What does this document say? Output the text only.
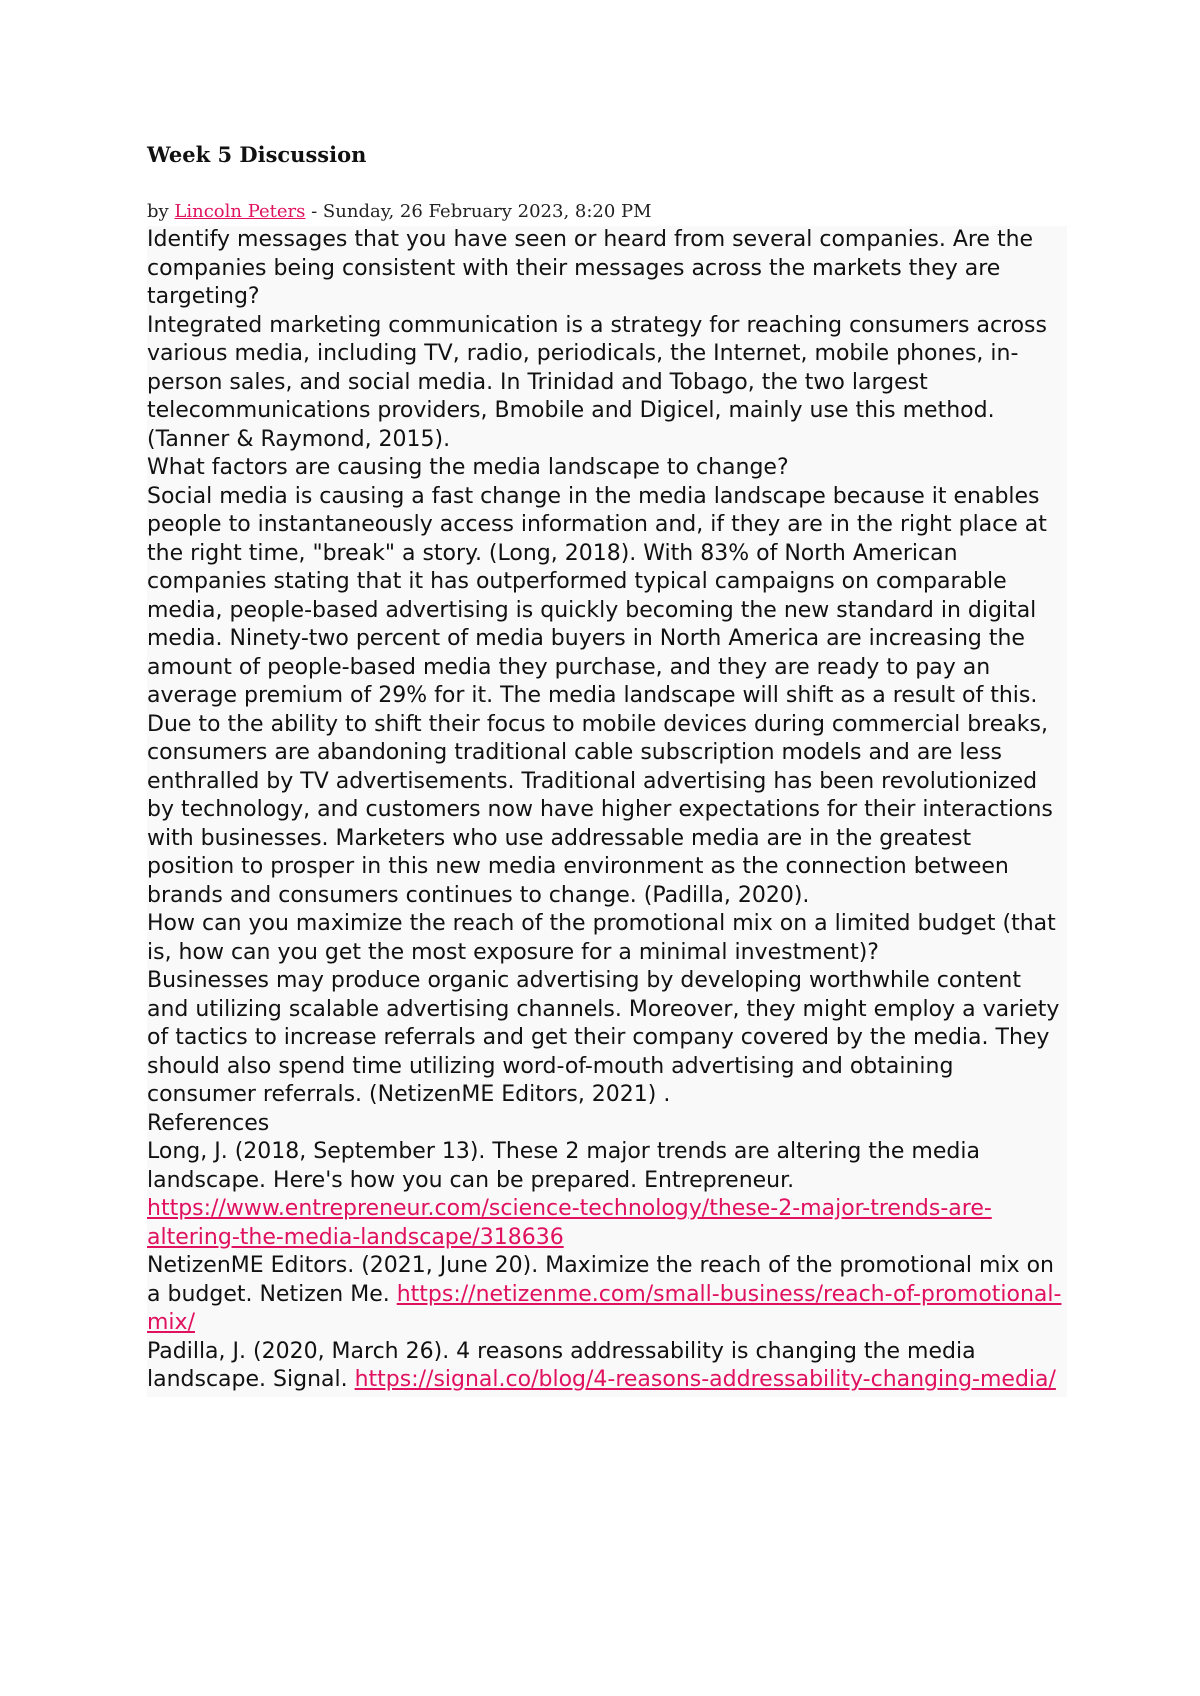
Week 5 Discussion

by Lincoln Peters - Sunday, 26 February 2023, 8:20 PM

Identify messages that you have seen or heard from several companies. Are the companies being consistent with their messages across the markets they are targeting?

Integrated marketing communication is a strategy for reaching consumers across various media, including TV, radio, periodicals, the Internet, mobile phones, in-person sales, and social media. In Trinidad and Tobago, the two largest telecommunications providers, Bmobile and Digicel, mainly use this method. (Tanner & Raymond, 2015).

What factors are causing the media landscape to change?

Social media is causing a fast change in the media landscape because it enables people to instantaneously access information and, if they are in the right place at the right time, "break" a story. (Long, 2018). With 83% of North American companies stating that it has outperformed typical campaigns on comparable media, people-based advertising is quickly becoming the new standard in digital media. Ninety-two percent of media buyers in North America are increasing the amount of people-based media they purchase, and they are ready to pay an average premium of 29% for it. The media landscape will shift as a result of this. Due to the ability to shift their focus to mobile devices during commercial breaks, consumers are abandoning traditional cable subscription models and are less enthralled by TV advertisements. Traditional advertising has been revolutionized by technology, and customers now have higher expectations for their interactions with businesses. Marketers who use addressable media are in the greatest position to prosper in this new media environment as the connection between brands and consumers continues to change. (Padilla, 2020).

How can you maximize the reach of the promotional mix on a limited budget (that is, how can you get the most exposure for a minimal investment)?

Businesses may produce organic advertising by developing worthwhile content and utilizing scalable advertising channels. Moreover, they might employ a variety of tactics to increase referrals and get their company covered by the media. They should also spend time utilizing word-of-mouth advertising and obtaining consumer referrals. (NetizenME Editors, 2021) .

References

Long, J. (2018, September 13). These 2 major trends are altering the media landscape. Here's how you can be prepared. Entrepreneur. https://www.entrepreneur.com/science-technology/these-2-major-trends-are-altering-the-media-landscape/318636

NetizenME Editors. (2021, June 20). Maximize the reach of the promotional mix on a budget. Netizen Me. https://netizenme.com/small-business/reach-of-promotional-mix/

Padilla, J. (2020, March 26). 4 reasons addressability is changing the media landscape. Signal. https://signal.co/blog/4-reasons-addressability-changing-media/
